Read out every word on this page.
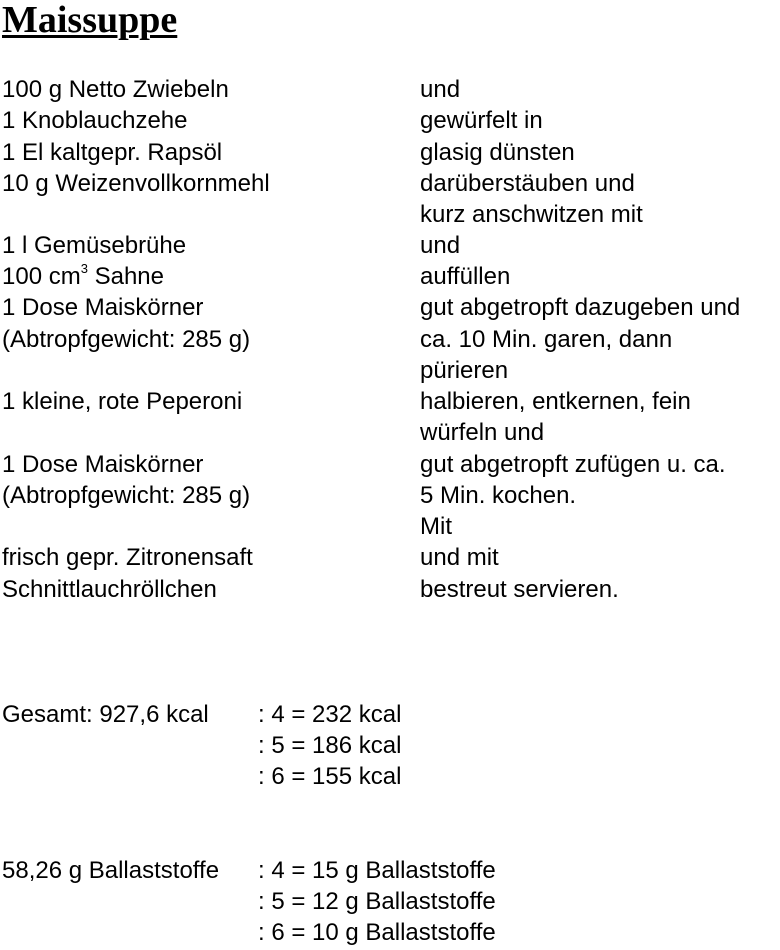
Maissuppe
100 g Netto Zwiebeln	und
1 Knoblauchzehe	gewürfelt in
1 El kaltgepr. Rapsöl	glasig dünsten
10 g Weizenvollkornmehl	darüberstäuben und
kurz anschwitzen mit
1 l Gemüsebrühe	und
100 $cm^3$ Sahne	auffüllen
1 Dose Maiskörner	gut abgetropft dazugeben und
(Abtropfgewicht: 285 g)	ca. 10 Min. garen, dann
pürieren
1 kleine, rote Peperoni	halbieren, entkernen, fein
würfeln und
1 Dose Maiskörner	gut abgetropft zufügen u. ca.
(Abtropfgewicht: 285 g)	5 Min. kochen.
Mit
frisch gepr. Zitronensaft	und mit
Schnittlauchröllchen	bestreut servieren.
Gesamt: 927,6 kcal : 4 = 232 kcal
: 5 = 186 kcal
: 6 = 155 kcal
58,26 g Ballaststoffe : 4 = 15 g Ballaststoffe
: 5 = 12 g Ballaststoffe
: 6 = 10 g Ballaststoffe
